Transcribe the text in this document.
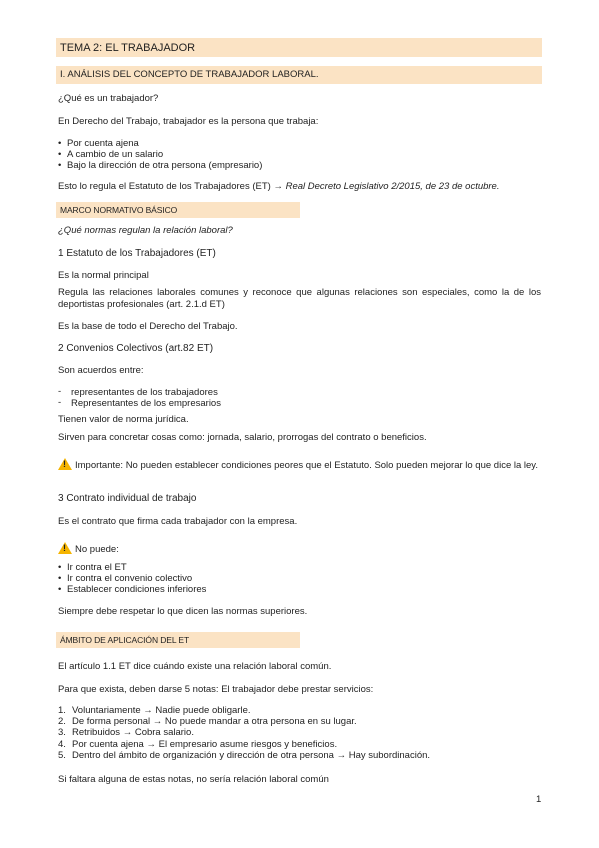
TEMA 2: EL TRABAJADOR
I. ANÁLISIS DEL CONCEPTO DE TRABAJADOR LABORAL.
¿Qué es un trabajador?
En Derecho del Trabajo, trabajador es la persona que trabaja:
• Por cuenta ajena
• A cambio de un salario
• Bajo la dirección de otra persona (empresario)
Esto lo regula el Estatuto de los Trabajadores (ET) → Real Decreto Legislativo 2/2015, de 23 de octubre.
MARCO NORMATIVO BÁSICO
¿Qué normas regulan la relación laboral?
1 Estatuto de los Trabajadores (ET)
Es la normal principal
Regula las relaciones laborales comunes y reconoce que algunas relaciones son especiales, como la de los deportistas profesionales (art. 2.1.d ET)
Es la base de todo el Derecho del Trabajo.
2 Convenios Colectivos (art.82 ET)
Son acuerdos entre:
- representantes de los trabajadores
- Representantes de los empresarios
Tienen valor de norma jurídica.
Sirven para concretar cosas como: jornada, salario, prorrogas del contrato o beneficios.
!Importante: No pueden establecer condiciones peores que el Estatuto. Solo pueden mejorar lo que dice la ley.
3 Contrato individual de trabajo
Es el contrato que firma cada trabajador con la empresa.
!No puede:
• Ir contra el ET
• Ir contra el convenio colectivo
• Establecer condiciones inferiores
Siempre debe respetar lo que dicen las normas superiores.
ÁMBITO DE APLICACIÓN DEL ET
El artículo 1.1 ET dice cuándo existe una relación laboral común.
Para que exista, deben darse 5 notas: El trabajador debe prestar servicios:
1. Voluntariamente → Nadie puede obligarle.
2. De forma personal → No puede mandar a otra persona en su lugar.
3. Retribuidos → Cobra salario.
4. Por cuenta ajena → El empresario asume riesgos y beneficios.
5. Dentro del ámbito de organización y dirección de otra persona → Hay subordinación.
Si faltara alguna de estas notas, no sería relación laboral común
1
